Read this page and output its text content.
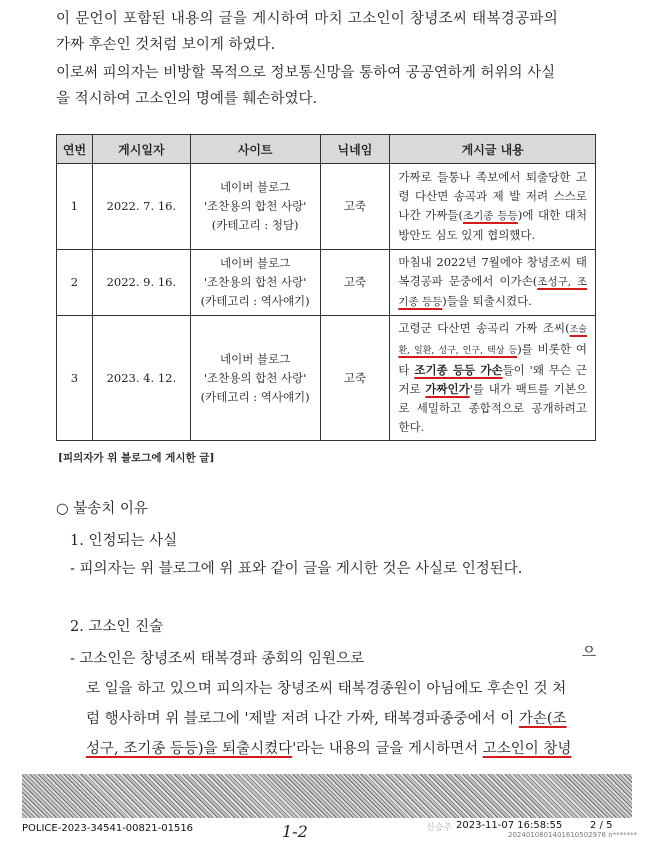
이 문언이 포함된 내용의 글을 게시하여 마치 고소인이 창녕조씨 태복경공파의
가짜 후손인 것처럼 보이게 하였다.
이로써 피의자는 비방할 목적으로 정보통신망을 통하여 공공연하게 허위의 사실
을 적시하여 고소인의 명예를 훼손하였다.
연번	게시일자	사이트	닉네임	게시글 내용
1	2022. 7. 16.	네이버 블로그
'조찬용의 합천 사랑'
(카테고리 : 청담)	고죽	가짜로 들통나 족보에서 퇴출당한 고령 다산면 송곡과 제 발 저려 스스로 나간 가짜들(조기종 등등)에 대한 대처방안도 심도 있게 협의했다.
2	2022. 9. 16.	네이버 블로그
'조찬용의 합천 사랑'
(카테고리 : 역사얘기)	고죽	마침내 2022년 7월에야 창녕조씨 태복경공파 문중에서 이가손(조성구, 조기종 등등)들을 퇴출시켰다.
3	2023. 4. 12.	네이버 블로그
'조찬용의 합천 사랑'
(카테고리 : 역사얘기)	고죽	고령군 다산면 송곡리 가짜 조씨(조술환, 일환, 성구, 인구, 택상 등)를 비롯한 여타 조기종 등등 가손들이 '왜 무슨 근거로 가짜인가'를 내가 팩트를 기본으로 세밀하고 종합적으로 공개하려고 한다.
[피의자가 위 블로그에 게시한 글]
○ 불송치 이유
1. 인정되는 사실
- 피의자는 위 블로그에 위 표와 같이 글을 게시한 것은 사실로 인정된다.
2. 고소인 진술
- 고소인은 창녕조씨 태복경파 종회의 임원으로	으
로 일을 하고 있으며 피의자는 창녕조씨 태복경종원이 아님에도 후손인 것 처
럼 행사하며 위 블로그에 '제발 저려 나간 가짜, 태복경파종중에서 이 가손(조
성구, 조기종 등등)을 퇴출시켰다'라는 내용의 글을 게시하면서 고소인이 창녕
POLICE-2023-34541-00821-01516	신승주 2023-11-07 16:58:55	2 / 5
2024010801401610502976 n*******
1-2
